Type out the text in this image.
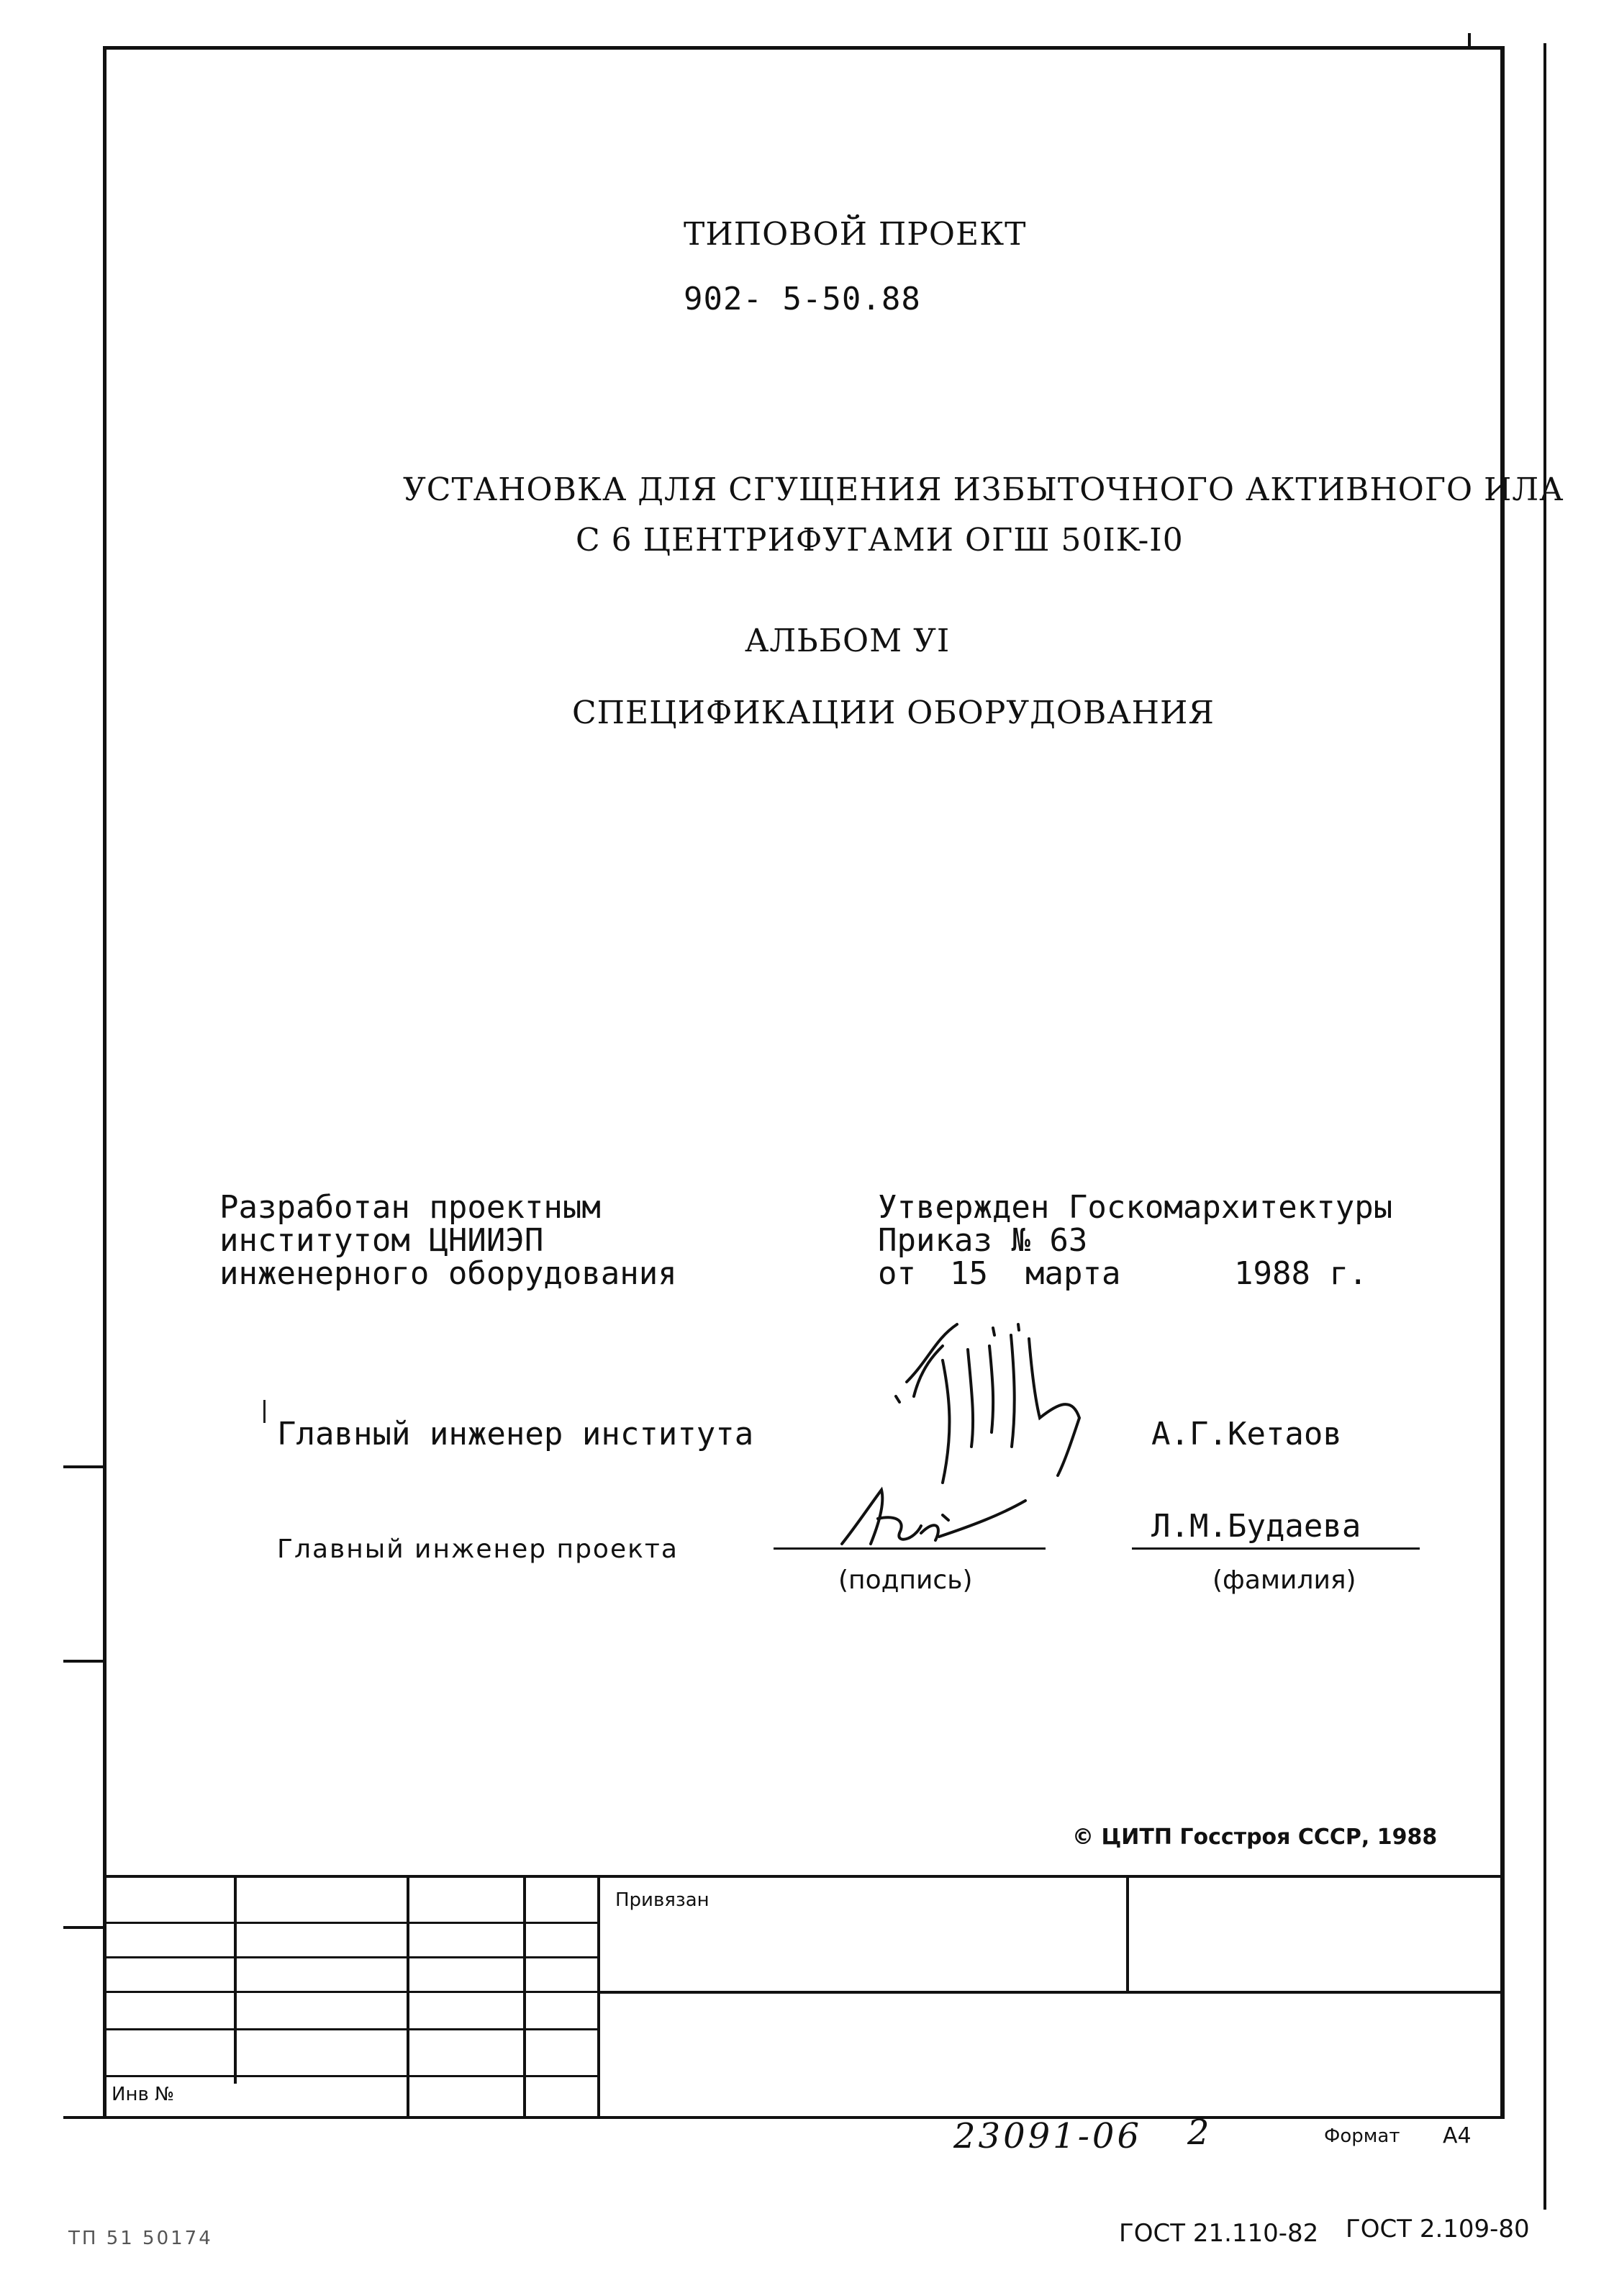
ТИПОВОЙ ПРОЕКТ
902- 5-50.88
УСТАНОВКА ДЛЯ СГУЩЕНИЯ ИЗБЫТОЧНОГО АКТИВНОГО ИЛА
С 6 ЦЕНТРИФУГАМИ ОГШ 50IK-I0
АЛЬБОМ УI
СПЕЦИФИКАЦИИ ОБОРУДОВАНИЯ
Разработан проектным
институтом ЦНИИЭП
инженерного оборудования
Утвержден Госкомархитектуры
Приказ № 63
от 15 марта	1988 г.
Главный инженер института	А.Г.Кетаов
Главный инженер проекта
Л.М.Будаева
(подпись)	(фамилия)
© ЦИТП Госстроя СССР, 1988
Привязан
Инв №
23091-06 2	Формат А4
ТП 51 50174	ГОСТ 21.110-82 ГОСТ 2.109-80
